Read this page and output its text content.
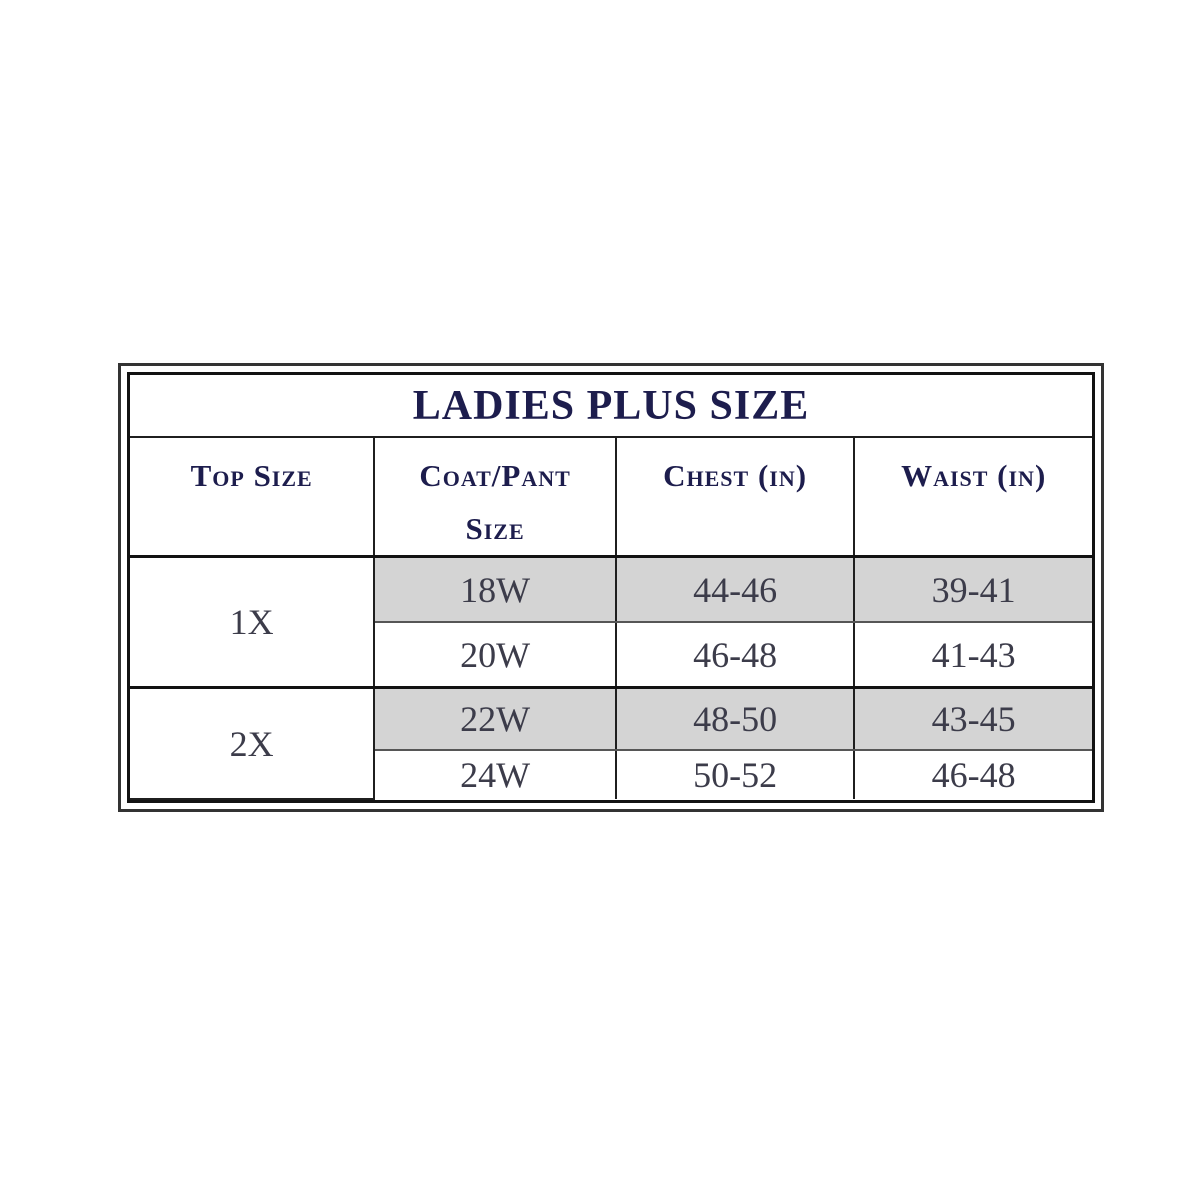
LADIES PLUS SIZE			
Top Size	Coat/Pant Size	Chest (in)	Waist (in)
1X	18W	44-46	39-41
	20W	46-48	41-43
2X	22W	48-50	43-45
	24W	50-52	46-48
